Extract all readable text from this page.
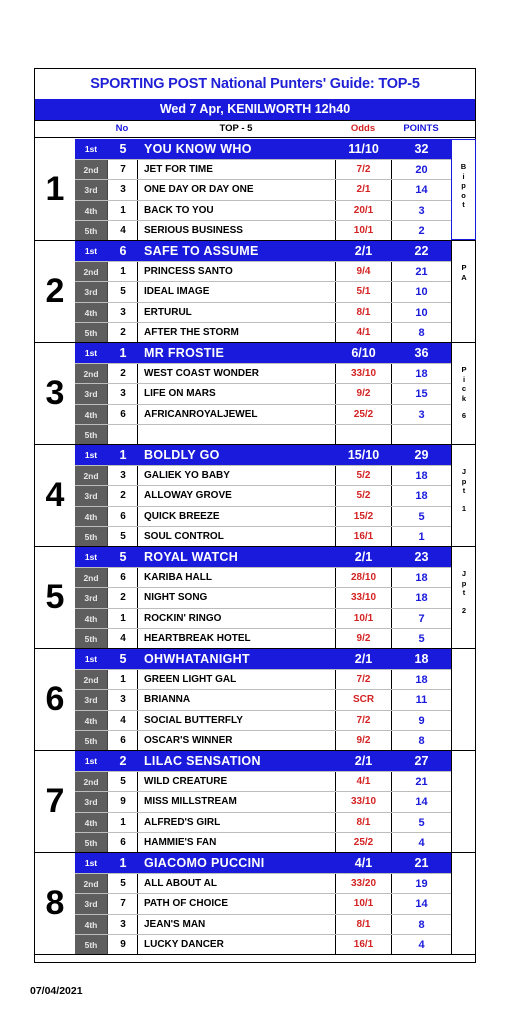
SPORTING POST National Punters' Guide: TOP-5
Wed 7 Apr, KENILWORTH 12h40
No	TOP - 5	Odds	POINTS
1
1st	5	YOU KNOW WHO	11/10	32
2nd	7	JET FOR TIME	7/2	20
3rd	3	ONE DAY OR DAY ONE	2/1	14
4th	1	BACK TO YOU	20/1	3
5th	4	SERIOUS BUSINESS	10/1	2
B
i
p
o
t
2
1st	6	SAFE TO ASSUME	2/1	22
2nd	1	PRINCESS SANTO	9/4	21
3rd	5	IDEAL IMAGE	5/1	10
4th	3	ERTURUL	8/1	10
5th	2	AFTER THE STORM	4/1	8
P
A
3
1st	1	MR FROSTIE	6/10	36
2nd	2	WEST COAST WONDER	33/10	18
3rd	3	LIFE ON MARS	9/2	15
4th	6	AFRICANROYALJEWEL	25/2	3
5th
P
i
c
k
6
4
1st	1	BOLDLY GO	15/10	29
2nd	3	GALIEK YO BABY	5/2	18
3rd	2	ALLOWAY GROVE	5/2	18
4th	6	QUICK BREEZE	15/2	5
5th	5	SOUL CONTROL	16/1	1
J
p
t
1
5
1st	5	ROYAL WATCH	2/1	23
2nd	6	KARIBA HALL	28/10	18
3rd	2	NIGHT SONG	33/10	18
4th	1	ROCKIN' RINGO	10/1	7
5th	4	HEARTBREAK HOTEL	9/2	5
J
p
t
2
6
1st	5	OHWHATANIGHT	2/1	18
2nd	1	GREEN LIGHT GAL	7/2	18
3rd	3	BRIANNA	SCR	11
4th	4	SOCIAL BUTTERFLY	7/2	9
5th	6	OSCAR'S WINNER	9/2	8
7
1st	2	LILAC SENSATION	2/1	27
2nd	5	WILD CREATURE	4/1	21
3rd	9	MISS MILLSTREAM	33/10	14
4th	1	ALFRED'S GIRL	8/1	5
5th	6	HAMMIE'S FAN	25/2	4
8
1st	1	GIACOMO PUCCINI	4/1	21
2nd	5	ALL ABOUT AL	33/20	19
3rd	7	PATH OF CHOICE	10/1	14
4th	3	JEAN'S MAN	8/1	8
5th	9	LUCKY DANCER	16/1	4
07/04/2021
